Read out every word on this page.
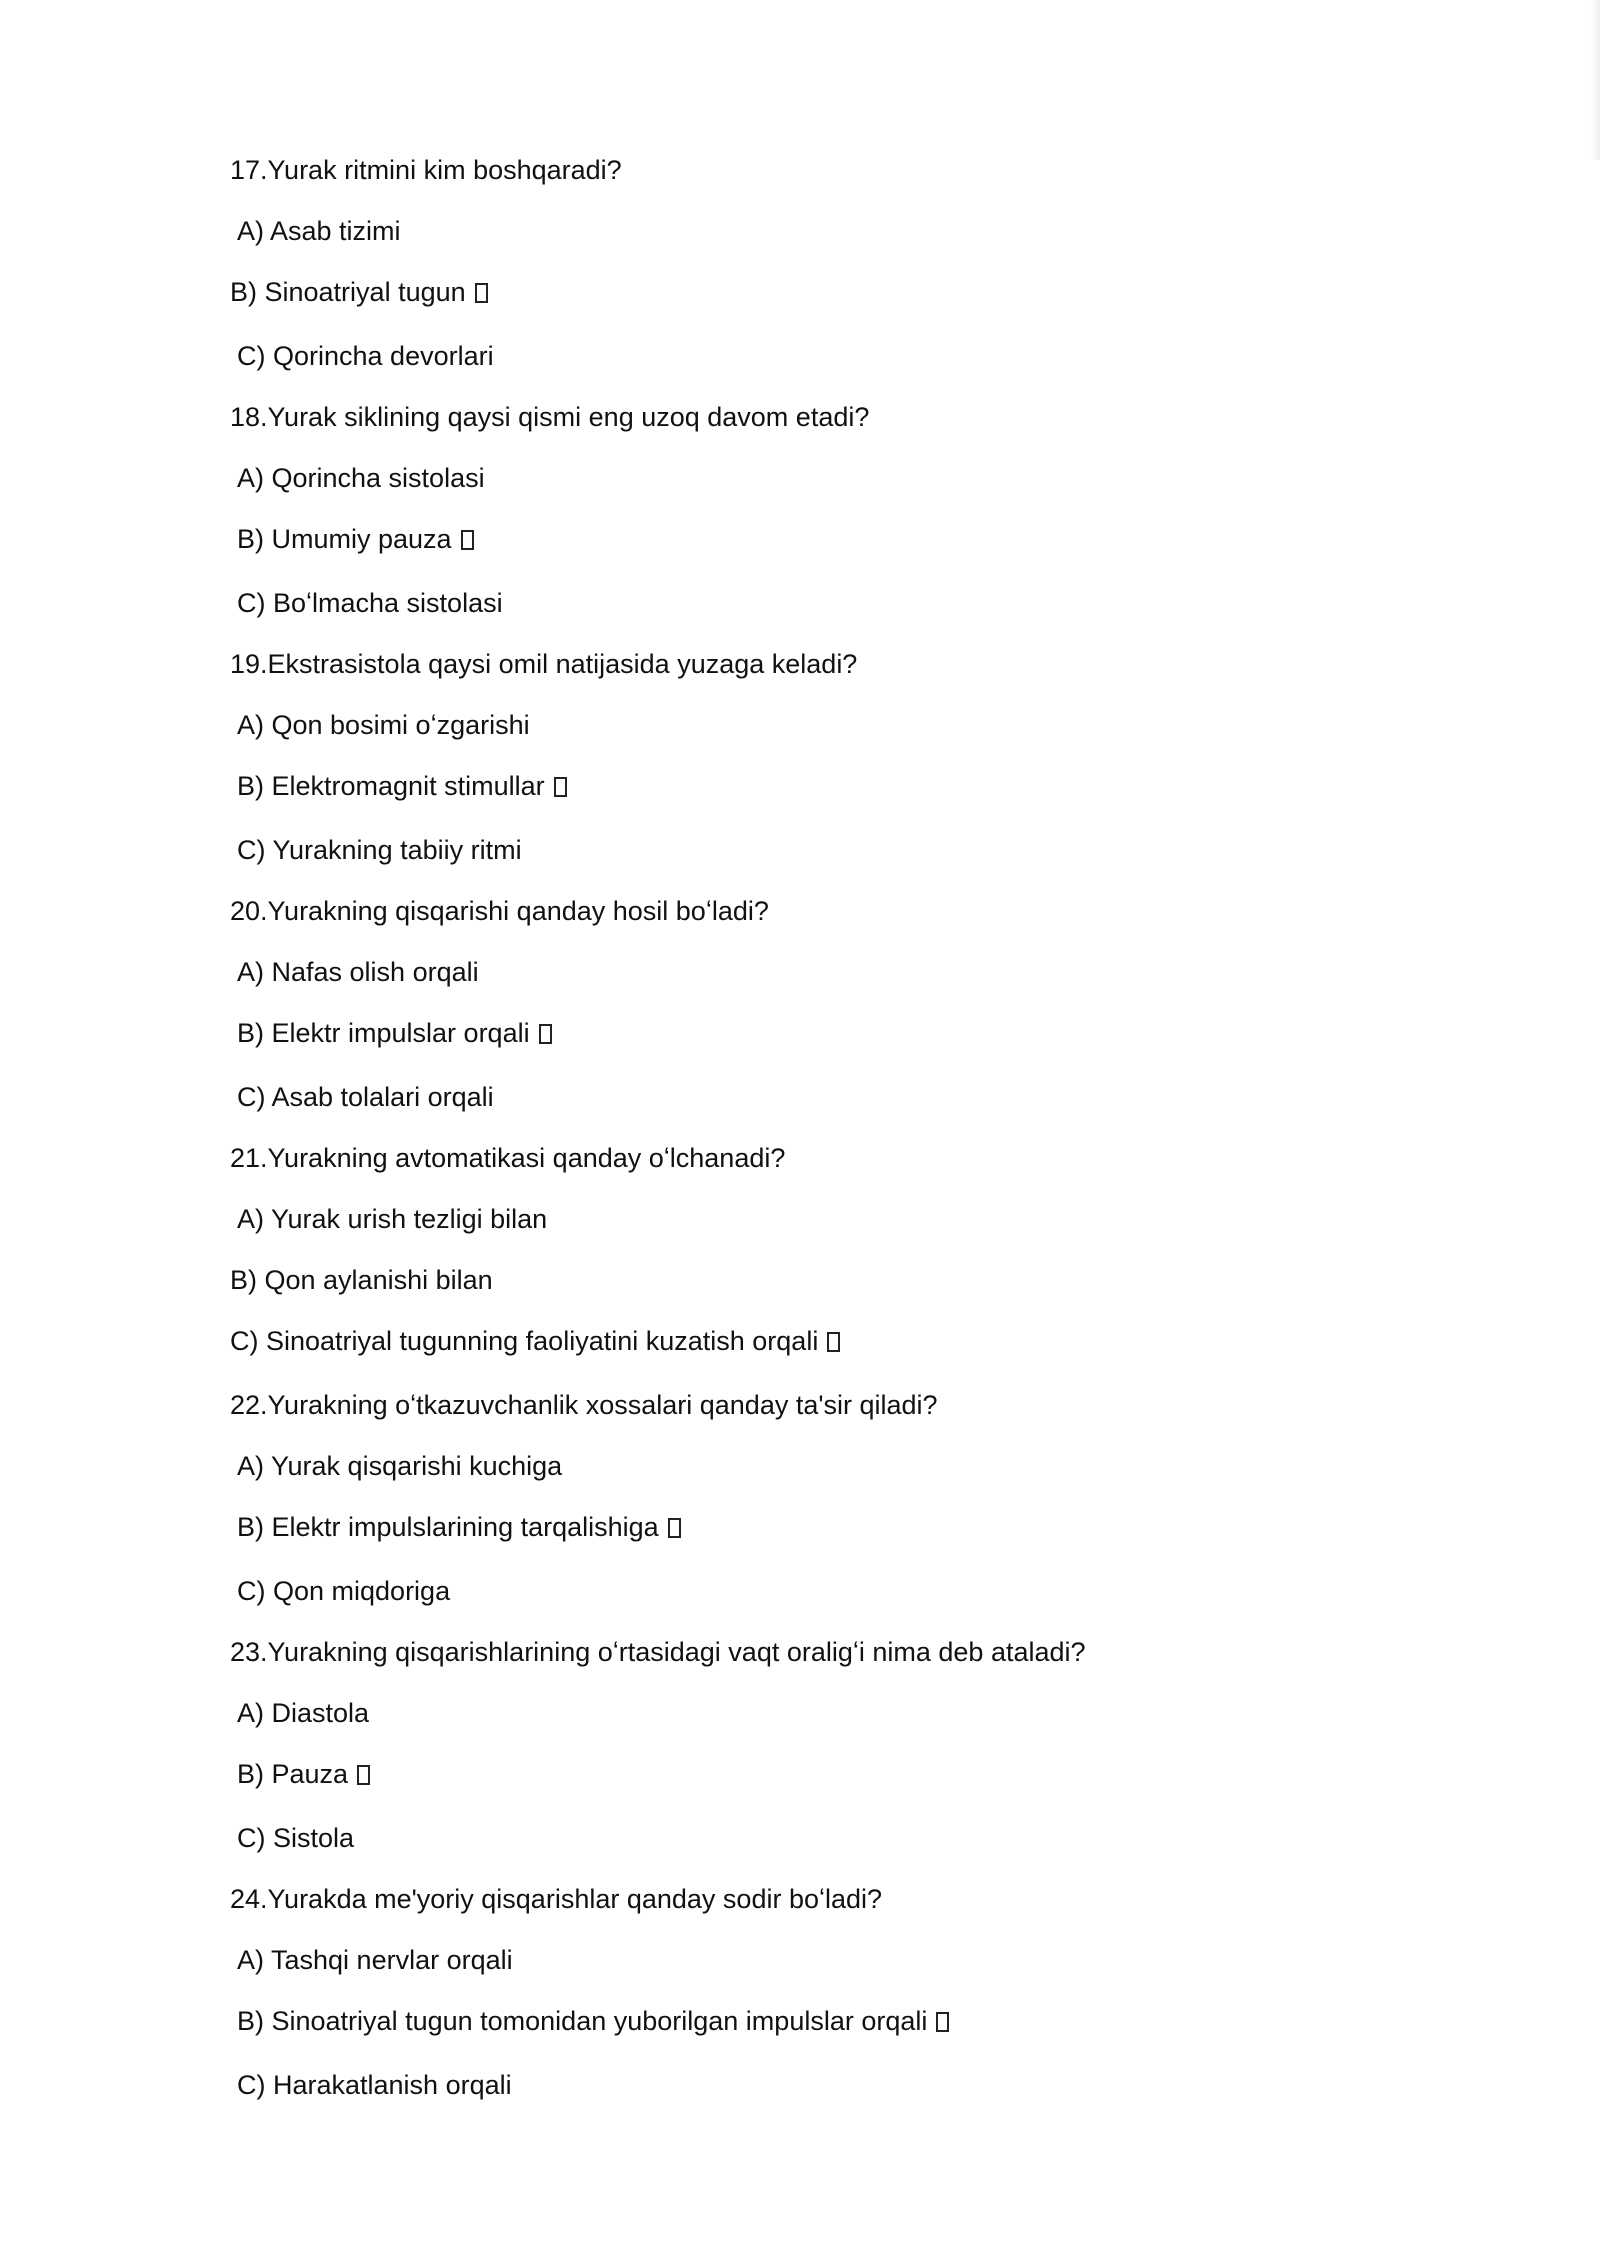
17.Yurak ritmini kim boshqaradi?
A) Asab tizimi
B) Sinoatriyal tugun
C) Qorincha devorlari
18.Yurak siklining qaysi qismi eng uzoq davom etadi?
A) Qorincha sistolasi
B) Umumiy pauza
C) Boʻlmacha sistolasi
19.Ekstrasistola qaysi omil natijasida yuzaga keladi?
A) Qon bosimi oʻzgarishi
B) Elektromagnit stimullar
C) Yurakning tabiiy ritmi
20.Yurakning qisqarishi qanday hosil boʻladi?
A) Nafas olish orqali
B) Elektr impulslar orqali
C) Asab tolalari orqali
21.Yurakning avtomatikasi qanday oʻlchanadi?
A) Yurak urish tezligi bilan
B) Qon aylanishi bilan
C) Sinoatriyal tugunning faoliyatini kuzatish orqali
22.Yurakning oʻtkazuvchanlik xossalari qanday ta'sir qiladi?
A) Yurak qisqarishi kuchiga
B) Elektr impulslarining tarqalishiga
C) Qon miqdoriga
23.Yurakning qisqarishlarining oʻrtasidagi vaqt oraligʻi nima deb ataladi?
A) Diastola
B) Pauza
C) Sistola
24.Yurakda me'yoriy qisqarishlar qanday sodir boʻladi?
A) Tashqi nervlar orqali
B) Sinoatriyal tugun tomonidan yuborilgan impulslar orqali
C) Harakatlanish orqali
